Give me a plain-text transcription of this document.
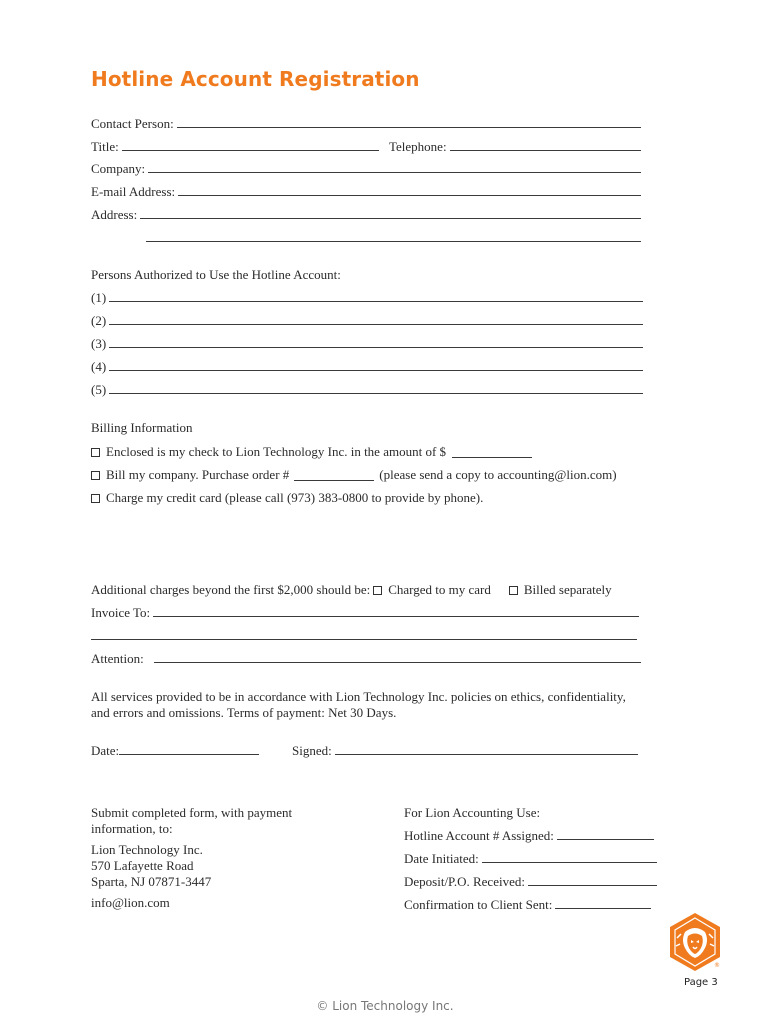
Hotline Account Registration
Contact Person:
Title:	Telephone:
Company:
E-mail Address:
Address:
Persons Authorized to Use the Hotline Account:
(1)
(2)
(3)
(4)
(5)
Billing Information
Enclosed is my check to Lion Technology Inc. in the amount of $
Bill my company. Purchase order #	(please send a copy to accounting@lion.com)
Charge my credit card (please call (973) 383-0800 to provide by phone).
Additional charges beyond the first $2,000 should be: Charged to my card	Billed separately
Invoice To:
Attention:
All services provided to be in accordance with Lion Technology Inc. policies on ethics, confidentiality,
and errors and omissions. Terms of payment: Net 30 Days.
Date:	Signed:
Submit completed form, with payment
information, to:
Lion Technology Inc.
570 Lafayette Road
Sparta, NJ 07871-3447
info@lion.com
For Lion Accounting Use:
Hotline Account # Assigned:
Date Initiated:
Deposit/P.O. Received:
Confirmation to Client Sent:
®
Page 3
© Lion Technology Inc.
